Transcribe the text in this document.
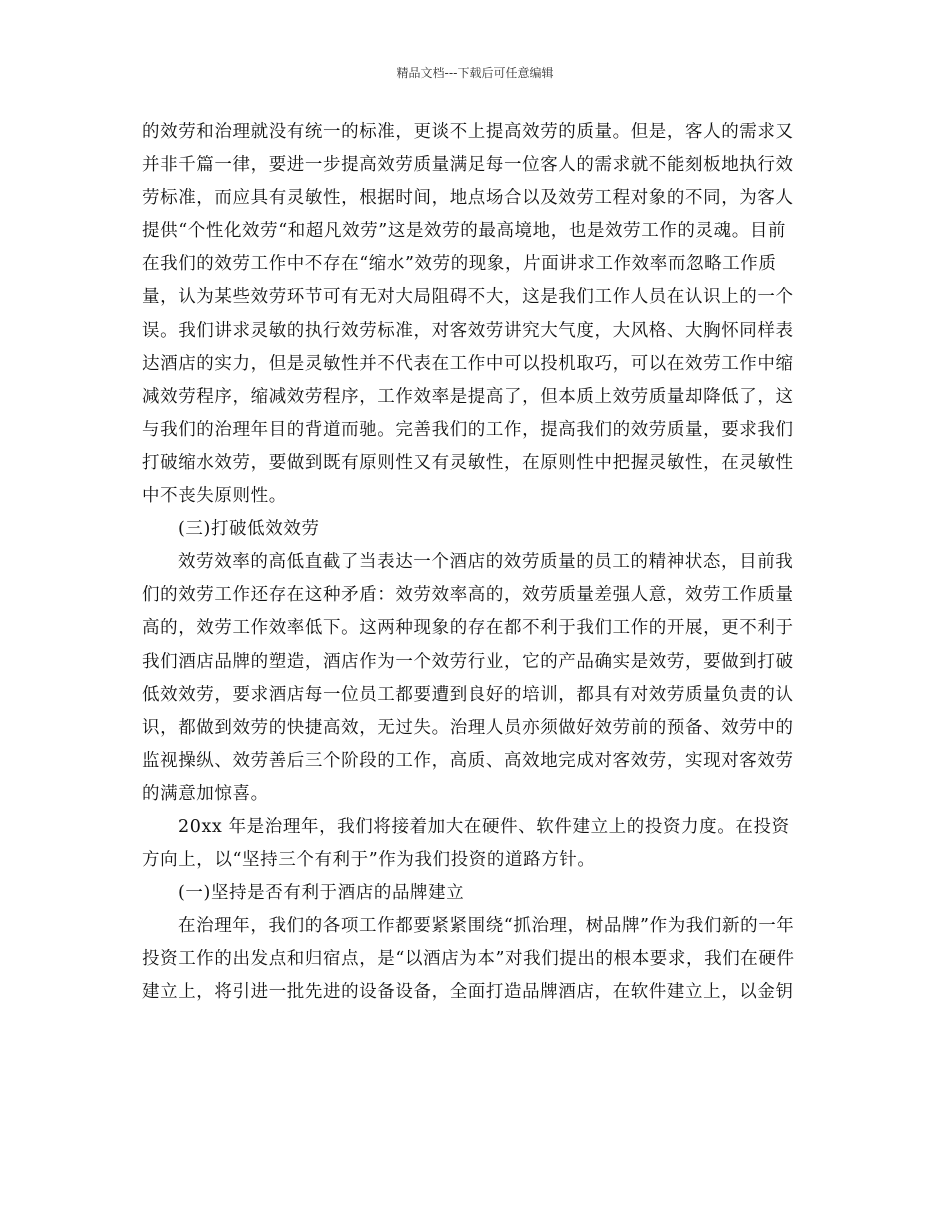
精品文档---下载后可任意编辑
的效劳和治理就没有统一的标准，更谈不上提高效劳的质量。但是，客人的需求又
并非千篇一律，要进一步提高效劳质量满足每一位客人的需求就不能刻板地执行效
劳标准，而应具有灵敏性，根据时间，地点场合以及效劳工程对象的不同，为客人
提供“个性化效劳“和超凡效劳”这是效劳的最高境地，也是效劳工作的灵魂。目前
在我们的效劳工作中不存在“缩水”效劳的现象，片面讲求工作效率而忽略工作质
量，认为某些效劳环节可有无对大局阻碍不大，这是我们工作人员在认识上的一个
误。我们讲求灵敏的执行效劳标准，对客效劳讲究大气度，大风格、大胸怀同样表
达酒店的实力，但是灵敏性并不代表在工作中可以投机取巧，可以在效劳工作中缩
减效劳程序，缩减效劳程序，工作效率是提高了，但本质上效劳质量却降低了，这
与我们的治理年目的背道而驰。完善我们的工作，提高我们的效劳质量，要求我们
打破缩水效劳，要做到既有原则性又有灵敏性，在原则性中把握灵敏性，在灵敏性
中不丧失原则性。
(三)打破低效效劳
效劳效率的高低直截了当表达一个酒店的效劳质量的员工的精神状态，目前我
们的效劳工作还存在这种矛盾：效劳效率高的，效劳质量差强人意，效劳工作质量
高的，效劳工作效率低下。这两种现象的存在都不利于我们工作的开展，更不利于
我们酒店品牌的塑造，酒店作为一个效劳行业，它的产品确实是效劳，要做到打破
低效效劳，要求酒店每一位员工都要遭到良好的培训，都具有对效劳质量负责的认
识，都做到效劳的快捷高效，无过失。治理人员亦须做好效劳前的预备、效劳中的
监视操纵、效劳善后三个阶段的工作，高质、高效地完成对客效劳，实现对客效劳
的满意加惊喜。
20xx 年是治理年，我们将接着加大在硬件、软件建立上的投资力度。在投资
方向上，以“坚持三个有利于”作为我们投资的道路方针。
(一)坚持是否有利于酒店的品牌建立
在治理年，我们的各项工作都要紧紧围绕“抓治理，树品牌”作为我们新的一年
投资工作的出发点和归宿点，是“以酒店为本”对我们提出的根本要求，我们在硬件
建立上，将引进一批先进的设备设备，全面打造品牌酒店，在软件建立上，以金钥
